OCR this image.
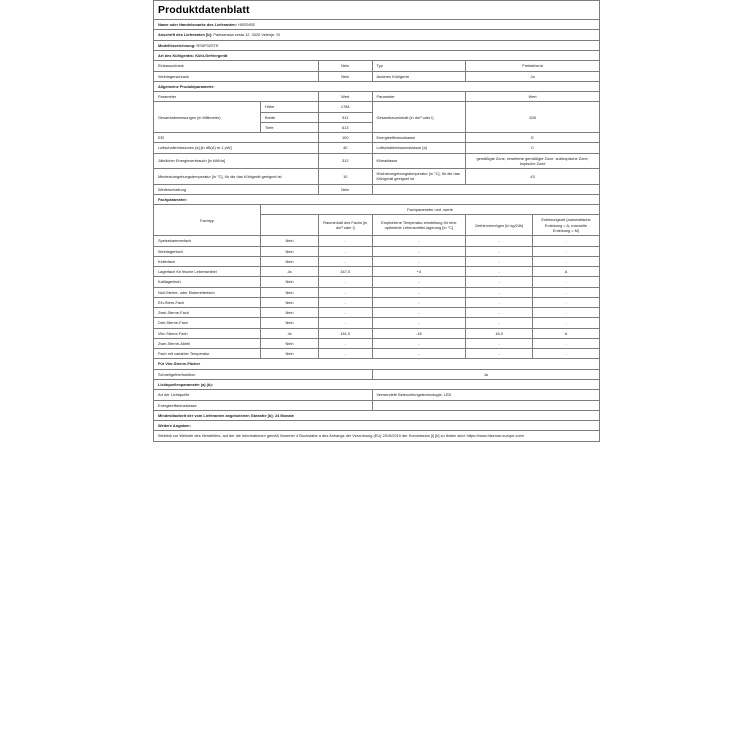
Produktdatenblatt					
Name oder Handelsmarke des Lieferanten: HISENSE					
Anschrift des Lieferanten [b]: Partizanska cesta 12, 3320 Velenje, SI					
Modellbezeichnung: RS5P32STE					
Art des Kühlgeräts: Kühl-Gefriergerät					
Einbauschrank		Nein	Typ	Freistehend	
Weinlagerschrank		Nein	Anderes Kühlgerät	Ja	
Allgemeine Produktparameter:					
Parameter		Wert	Parameter	Wert	
Gesamtabmessungen (in Millimeter)	Höhe	1784	Gesamtrauminhalt (in dm³ oder l)	528	
	Breite	911			
	Tiefe	613			
EEI		100	Energieeffizienzklasse	E	
Luftschallemissionen [a] [in dB(A) re 1 pW]		40	Luftschallemissionsklasse [a]	C	
Jährlicher Energieverbrauch [in kWh/a]		312	Klimaklasse	gemäßigte Zone, erweiterte gemäßigte Zone, subtropische Zone, tropische Zone	
Mindestumgebungstemperatur [in °C], für die das Kühlgerät geeignet ist		10	Höchstumgebungstemperatur [in °C], für die das Kühlgerät geeignet ist	43	
Winterschaltung		Nein			
Fachparameter:					
Fachtyp	Fachparameter und -werte				
		Rauminhalt des Fachs [in dm³ oder l]	Empfohlene Temperatur-einstellung für eine optimierte Lebensmittel-lagerung [in °C]	Gefriervermögen [in kg/24h]	Enteisungsart (automatische Enteisung = A, manuelle Enteisung = M)
Speisekammerfach	Nein	-	-	-	-
Weinlagerfach	Nein	-	-	-	-
Kellerfach	Nein	-	-	-	-
Lagerfach für frische Lebensmittel	Ja	347,0	+4	-	A
Kaltlagerfach	Nein	-	-	-	-
Null-Sterne- oder Eisbereiterfach	Nein	-	-	-	-
Ein-Stern-Fach	Nein	-	-	-	-
Zwei-Sterne-Fach	Nein	-	-	-	-
Drei-Sterne-Fach	Nein	-	-	-	-
Vier-Sterne-Fach	Ja	181,0	-18	16,0	A
Zwei-Sterne-Abteil	Nein	-	-	-	-
Fach mit variabler Temperatur	Nein	-	-	-	-
Für Vier-Sterne-Fächer					
Schnellgefrierfunktion			Ja		
Lichtquellenparameter (a) (b):					
Art der Lichtquelle			Verwendete Beleuchtungstechnologie: LED		
Energieeffizienzklasse					
Mindestlaufzeit der vom Lieferanten angebotenen Garantie [b]: 24 Monate					
Weitere Angaben:					
Weblink zur Website des Herstellers, auf der die Informationen gemäß Nummer 4 Buchstabe a des Anhangs der Verordnung (EU) 2019/2019 der Kommission [i] [b] zu finden sind: https://www.hisense-europe.com/					
